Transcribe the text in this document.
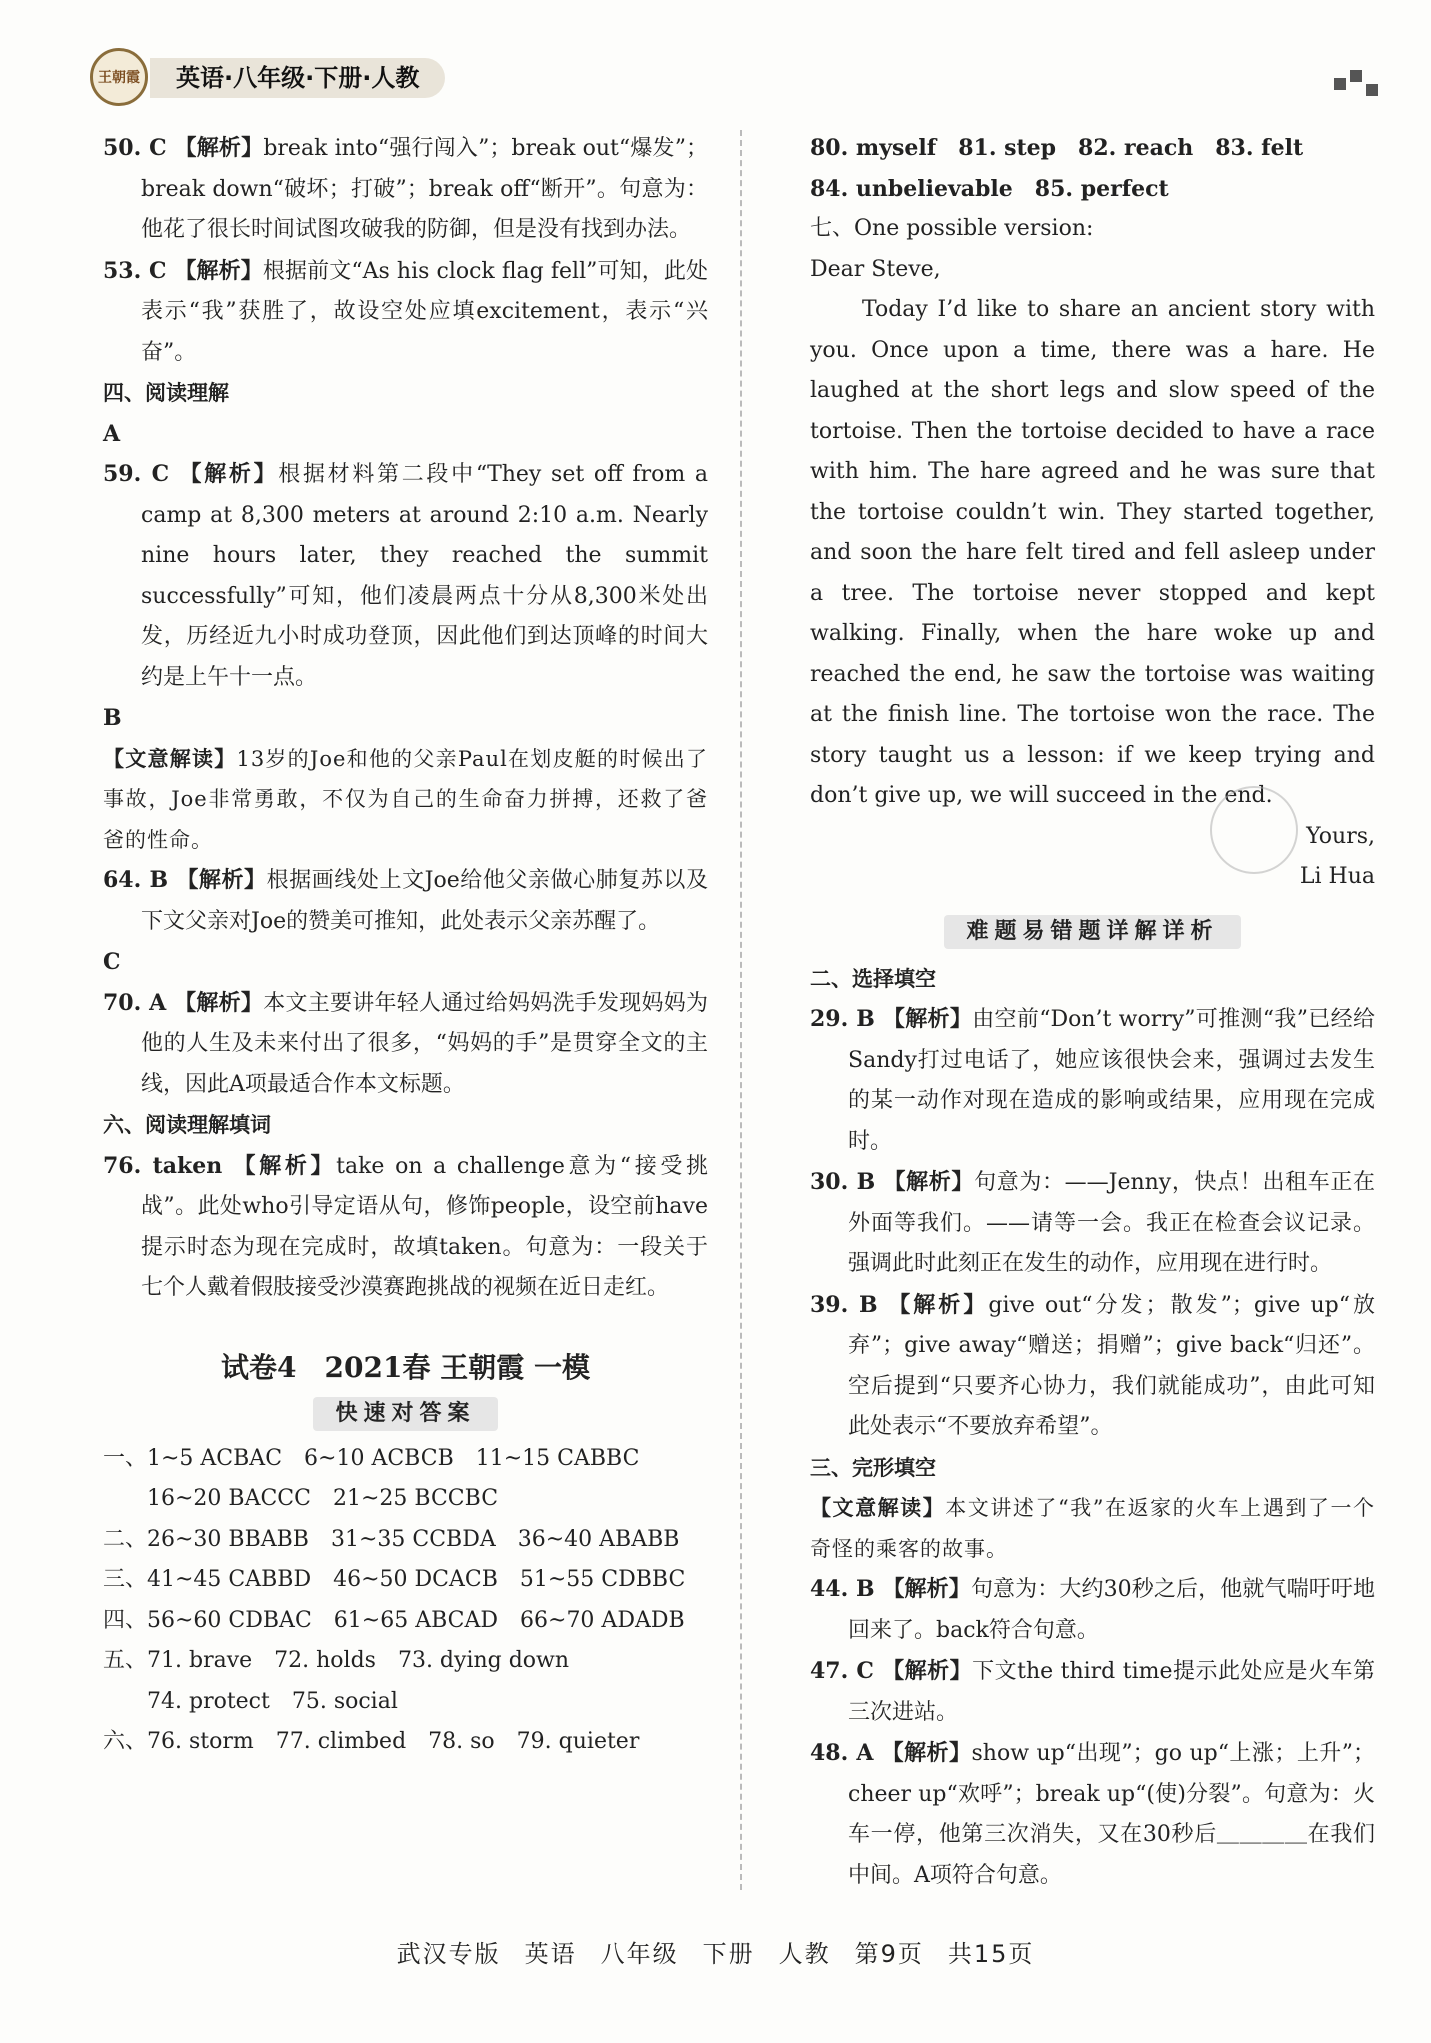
王朝霞	英语·八年级·下册·人教

50. C 【解析】break into“强行闯入”；break out“爆发”；break down“破坏；打破”；break off“断开”。句意为：他花了很长时间试图攻破我的防御，但是没有找到办法。

53. C 【解析】根据前文“As his clock flag fell”可知，此处表示“我”获胜了，故设空处应填excitement，表示“兴奋”。

四、阅读理解

A

59. C 【解析】根据材料第二段中“They set off from a camp at 8,300 meters at around 2:10 a.m. Nearly nine hours later, they reached the summit successfully”可知，他们凌晨两点十分从8,300米处出发，历经近九小时成功登顶，因此他们到达顶峰的时间大约是上午十一点。

B

【文意解读】13岁的Joe和他的父亲Paul在划皮艇的时候出了事故，Joe非常勇敢，不仅为自己的生命奋力拼搏，还救了爸爸的性命。

64. B 【解析】根据画线处上文Joe给他父亲做心肺复苏以及下文父亲对Joe的赞美可推知，此处表示父亲苏醒了。

C

70. A 【解析】本文主要讲年轻人通过给妈妈洗手发现妈妈为他的人生及未来付出了很多，“妈妈的手”是贯穿全文的主线，因此A项最适合作本文标题。

六、阅读理解填词

76. taken 【解析】take on a challenge意为“接受挑战”。此处who引导定语从句，修饰people，设空前have提示时态为现在完成时，故填taken。句意为：一段关于七个人戴着假肢接受沙漠赛跑挑战的视频在近日走红。

试卷4　2021春 王朝霞 一模
快速对答案

一、1~5 ACBAC　6~10 ACBCB　11~15 CABBC

　　16~20 BACCC　21~25 BCCBC

二、26~30 BBABB　31~35 CCBDA　36~40 ABABB

三、41~45 CABBD　46~50 DCACB　51~55 CDBBC

四、56~60 CDBAC　61~65 ABCAD　66~70 ADADB

五、71. brave　72. holds　73. dying down

　　74. protect　75. social

六、76. storm　77. climbed　78. so　79. quieter

80. myself　81. step　82. reach　83. felt

84. unbelievable　85. perfect

七、One possible version:

Dear Steve,

Today I’d like to share an ancient story with you. Once upon a time, there was a hare. He laughed at the short legs and slow speed of the tortoise. Then the tortoise decided to have a race with him. The hare agreed and he was sure that the tortoise couldn’t win. They started together, and soon the hare felt tired and fell asleep under a tree. The tortoise never stopped and kept walking. Finally, when the hare woke up and reached the end, he saw the tortoise was waiting at the finish line. The tortoise won the race. The story taught us a lesson: if we keep trying and don’t give up, we will succeed in the end.

Yours,
Li Hua
难题易错题详解详析

二、选择填空

29. B 【解析】由空前“Don’t worry”可推测“我”已经给Sandy打过电话了，她应该很快会来，强调过去发生的某一动作对现在造成的影响或结果，应用现在完成时。

30. B 【解析】句意为：——Jenny，快点！出租车正在外面等我们。——请等一会。我正在检查会议记录。强调此时此刻正在发生的动作，应用现在进行时。

39. B 【解析】give out“分发；散发”；give up“放弃”；give away“赠送；捐赠”；give back“归还”。空后提到“只要齐心协力，我们就能成功”，由此可知此处表示“不要放弃希望”。

三、完形填空

【文意解读】本文讲述了“我”在返家的火车上遇到了一个奇怪的乘客的故事。

44. B 【解析】句意为：大约30秒之后，他就气喘吁吁地回来了。back符合句意。

47. C 【解析】下文the third time提示此处应是火车第三次进站。

48. A 【解析】show up“出现”；go up“上涨；上升”；cheer up“欢呼”；break up“(使)分裂”。句意为：火车一停，他第三次消失，又在30秒后＿＿＿＿在我们中间。A项符合句意。

武汉专版 英语 八年级 下册 人教 第9页 共15页
